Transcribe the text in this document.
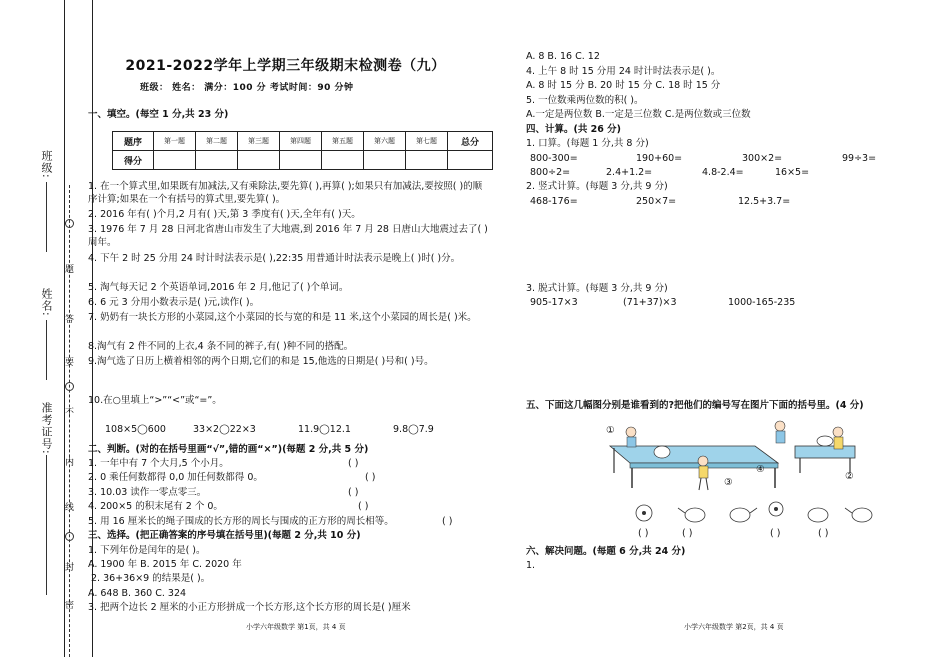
班级:
姓名:
准考证号:
题
答
要
不
内
线
封
密
2021-2022学年上学期三年级期末检测卷（九）
班级： 姓名： 满分：100 分 考试时间：90 分钟
题序	第一题	第二题	第三题	第四题	第五题	第六题	第七题	总分
得分								
一、填空。(每空 1 分,共 23 分)
1. 在一个算式里,如果既有加减法,又有乘除法,要先算( ),再算( );如果只有加减法,要按照( )的顺序计算;如果在一个有括号的算式里,要先算( )。
2. 2016 年有( )个月,2 月有( )天,第 3 季度有( )天,全年有( )天。
3. 1976 年 7 月 28 日河北省唐山市发生了大地震,到 2016 年 7 月 28 日唐山大地震过去了( )周年。
4. 下午 2 时 25 分用 24 时计时法表示是( ),22:35 用普通计时法表示是晚上( )时( )分。
5. 淘气每天记 2 个英语单词,2016 年 2 月,他记了( )个单词。
6. 6 元 3 分用小数表示是( )元,读作( )。
7. 奶奶有一块长方形的小菜园,这个小菜园的长与宽的和是 11 米,这个小菜园的周长是( )米。
8.淘气有 2 件不同的上衣,4 条不同的裤子,有( )种不同的搭配。
9.淘气选了日历上横着相邻的两个日期,它们的和是 15,他选的日期是( )号和( )号。
10.在○里填上“>”“<”或“=”。
108×5◯600	33×2◯22×3	11.9◯12.1	9.8◯7.9
二、判断。(对的在括号里画“√”,错的画“×”)(每题 2 分,共 5 分)
1. 一年中有 7 个大月,5 个小月。	( )
2. 0 乘任何数都得 0,0 加任何数都得 0。	( )
3. 10.03 读作一零点零三。	( )
4. 200×5 的积末尾有 2 个 0。	( )
5. 用 16 厘米长的绳子围成的长方形的周长与围成的正方形的周长相等。	( )
三、选择。(把正确答案的序号填在括号里)(每题 2 分,共 10 分)
1. 下列年份是闰年的是( )。
A. 1900 年 B. 2015 年 C. 2020 年
2. 36+36×9 的结果是( )。
A. 648 B. 360 C. 324
3. 把两个边长 2 厘米的小正方形拼成一个长方形,这个长方形的周长是( )厘米
A. 8 B. 16 C. 12
4. 上午 8 时 15 分用 24 时计时法表示是( )。
A. 8 时 15 分 B. 20 时 15 分 C. 18 时 15 分
5. 一位数乘两位数的积( )。
A.一定是两位数 B.一定是三位数 C.是两位数或三位数
四、计算。(共 26 分)
1. 口算。(每题 1 分,共 8 分)
800-300=	190+60=	300×2=	99÷3=
800÷2=	2.4+1.2=	4.8-2.4=	16×5=
2. 竖式计算。(每题 3 分,共 9 分)
468-176=	250×7=	12.5+3.7=
3. 脱式计算。(每题 3 分,共 9 分)
905-17×3	(71+37)×3	1000-165-235
五、下面这几幅图分别是谁看到的?把他们的编号写在图片下面的括号里。(4 分)
①
②
③
④
( )	( )	( )	( )
六、解决问题。(每题 6 分,共 24 分)
1.
小学六年级数学 第1页，共 4 页	小学六年级数学 第2页，共 4 页
